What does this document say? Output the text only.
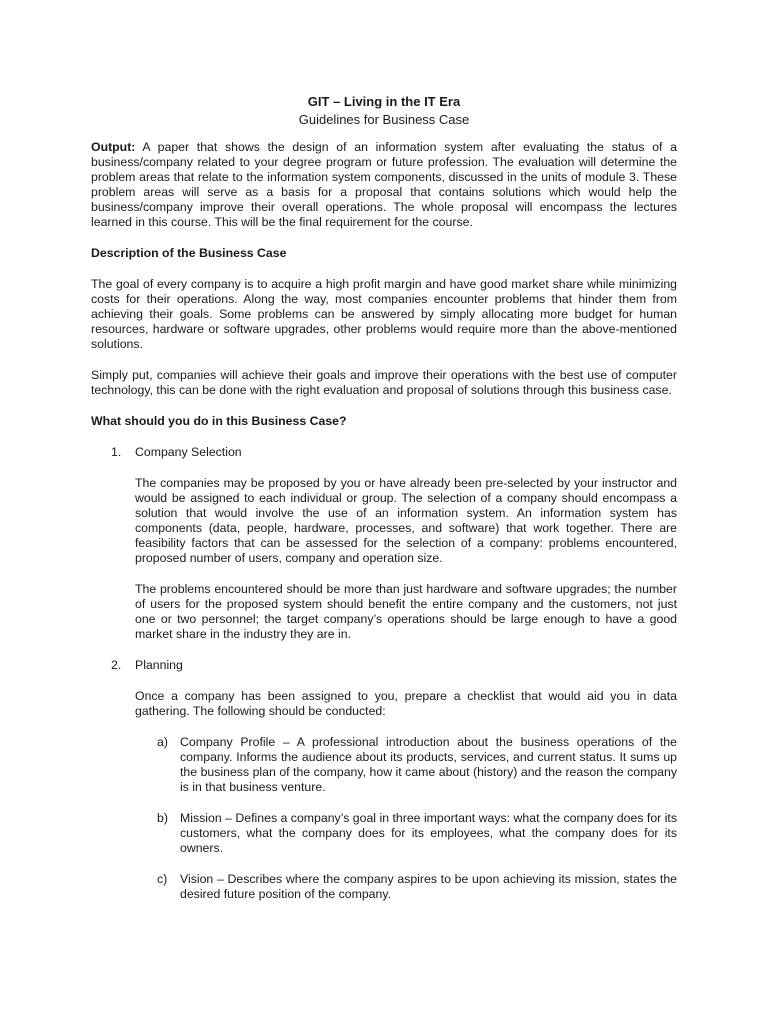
GIT – Living in the IT Era
Guidelines for Business Case

Output: A paper that shows the design of an information system after evaluating the status of a business/company related to your degree program or future profession. The evaluation will determine the problem areas that relate to the information system components, discussed in the units of module 3. These problem areas will serve as a basis for a proposal that contains solutions which would help the business/company improve their overall operations. The whole proposal will encompass the lectures learned in this course. This will be the final requirement for the course.

Description of the Business Case

The goal of every company is to acquire a high profit margin and have good market share while minimizing costs for their operations. Along the way, most companies encounter problems that hinder them from achieving their goals. Some problems can be answered by simply allocating more budget for human resources, hardware or software upgrades, other problems would require more than the above-mentioned solutions.

Simply put, companies will achieve their goals and improve their operations with the best use of computer technology, this can be done with the right evaluation and proposal of solutions through this business case.

What should you do in this Business Case?
1. Company Selection

The companies may be proposed by you or have already been pre-selected by your instructor and would be assigned to each individual or group. The selection of a company should encompass a solution that would involve the use of an information system. An information system has components (data, people, hardware, processes, and software) that work together. There are feasibility factors that can be assessed for the selection of a company: problems encountered, proposed number of users, company and operation size.

The problems encountered should be more than just hardware and software upgrades; the number of users for the proposed system should benefit the entire company and the customers, not just one or two personnel; the target company’s operations should be large enough to have a good market share in the industry they are in.

2. Planning

Once a company has been assigned to you, prepare a checklist that would aid you in data gathering. The following should be conducted:

a) Company Profile – A professional introduction about the business operations of the company. Informs the audience about its products, services, and current status. It sums up the business plan of the company, how it came about (history) and the reason the company is in that business venture.

b) Mission – Defines a company’s goal in three important ways: what the company does for its customers, what the company does for its employees, what the company does for its owners.

c) Vision – Describes where the company aspires to be upon achieving its mission, states the desired future position of the company.
